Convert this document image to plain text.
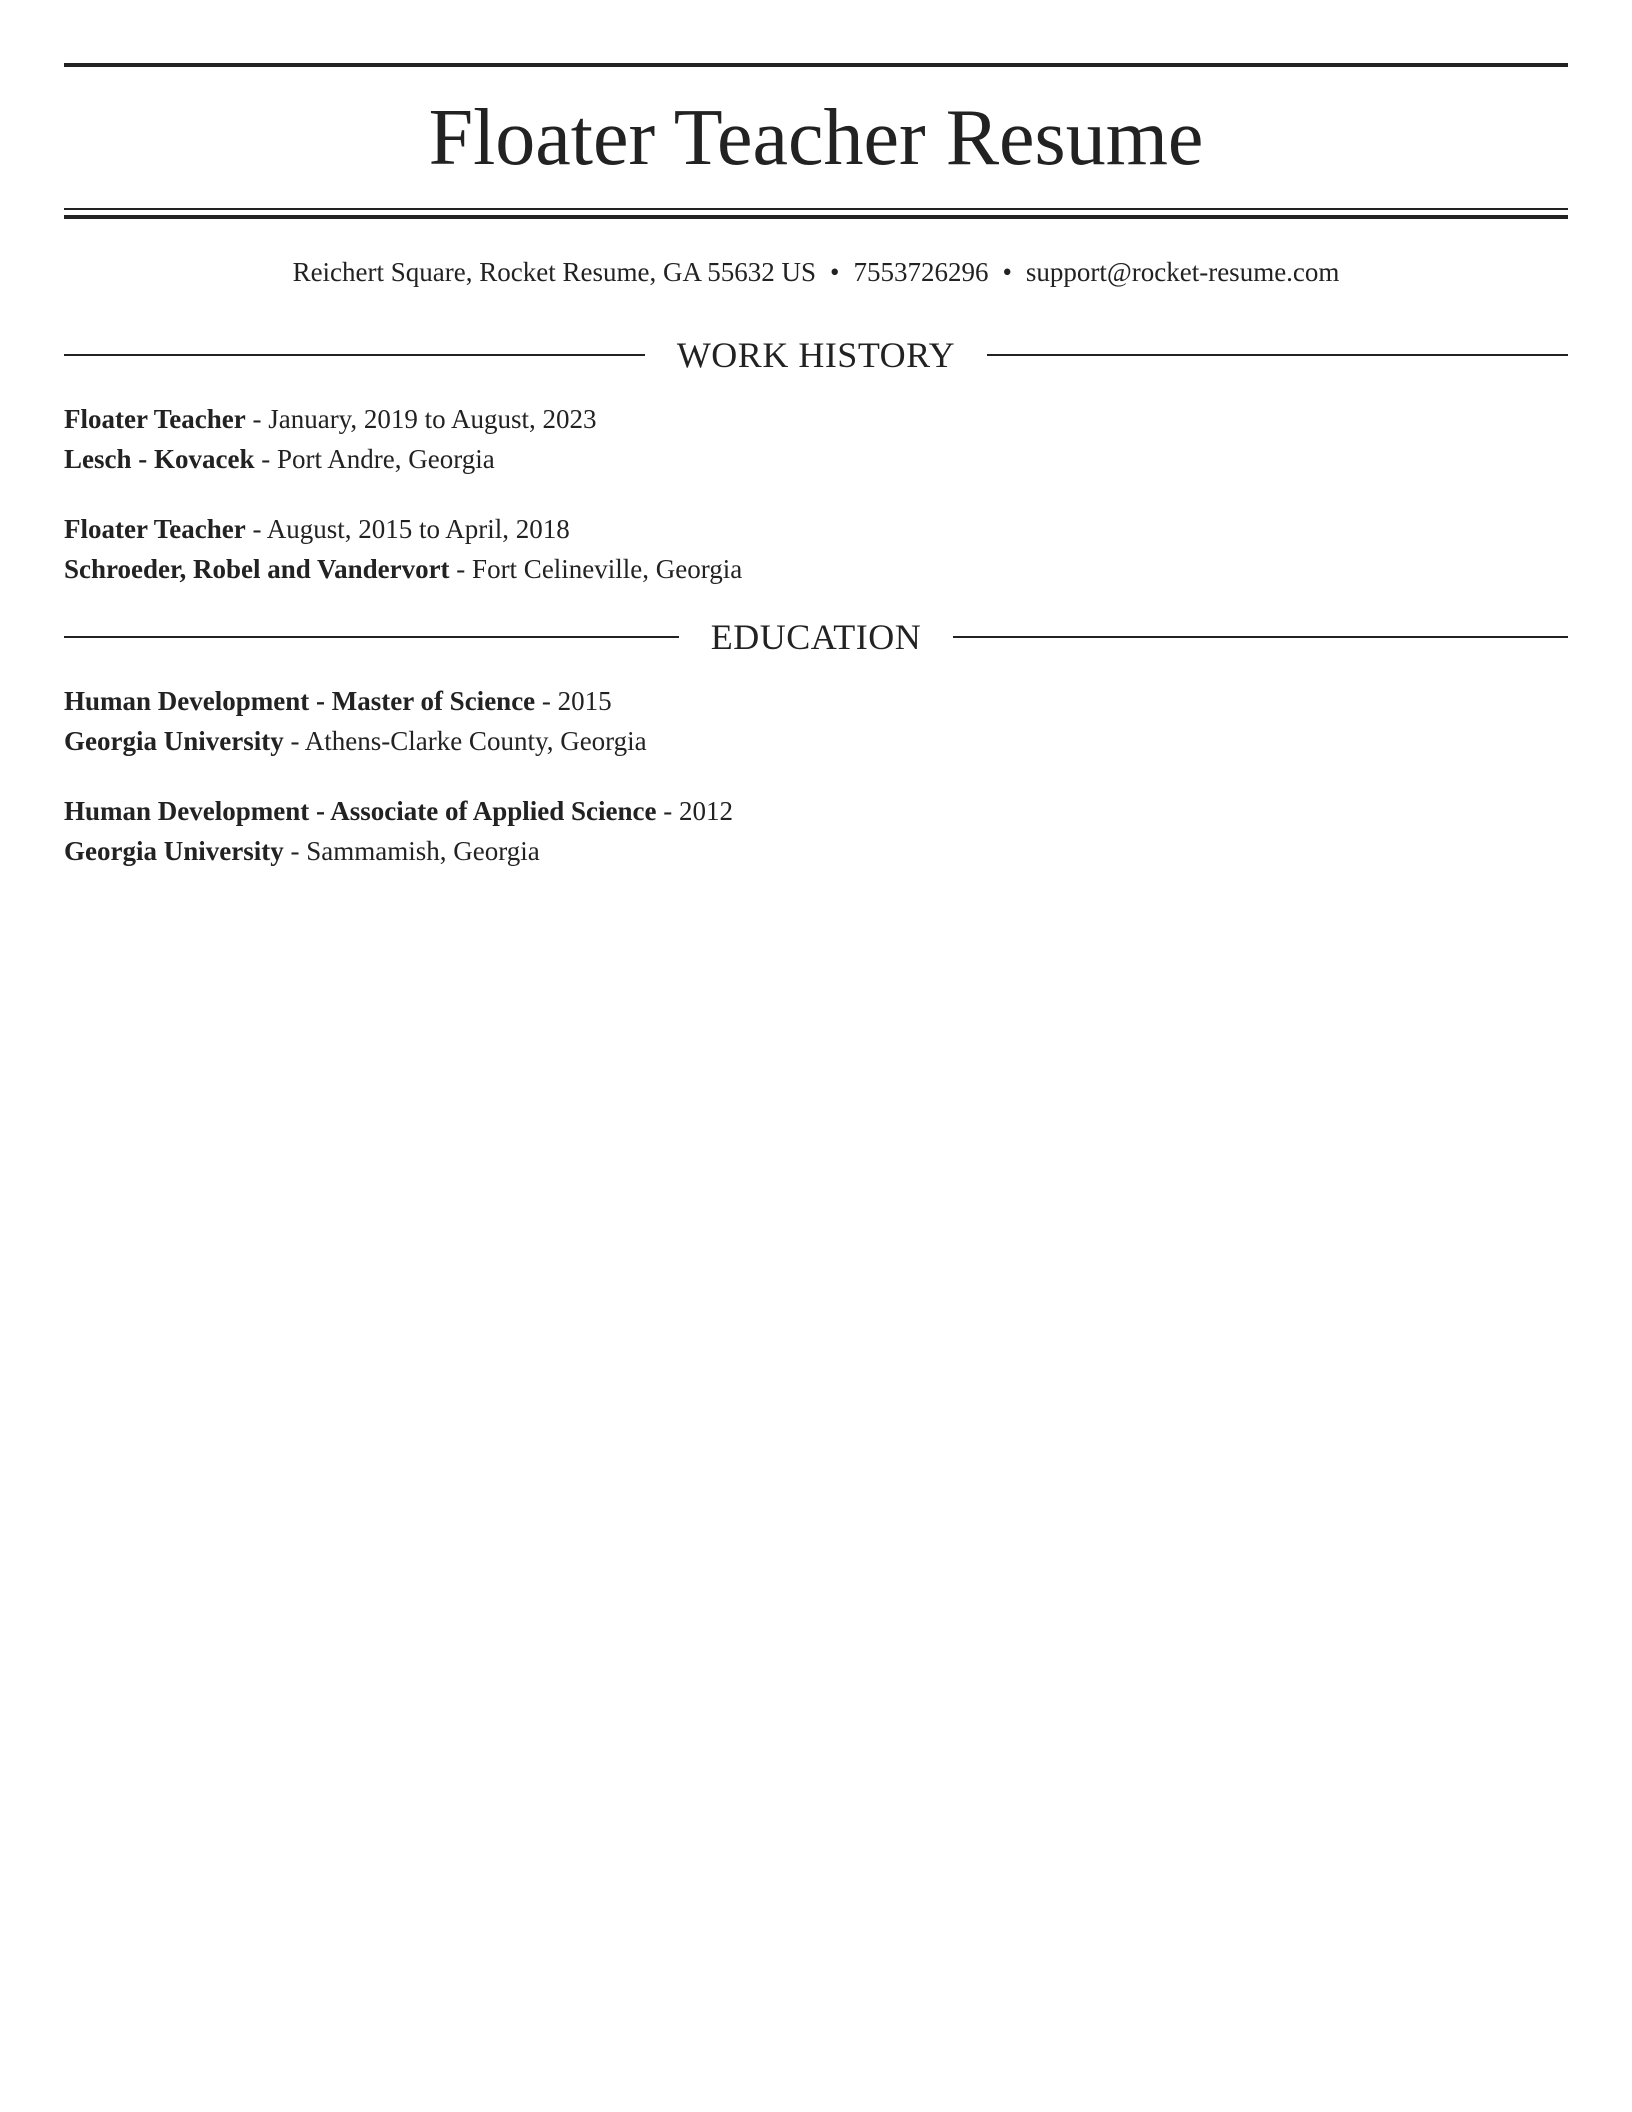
Floater Teacher Resume
Reichert Square, Rocket Resume, GA 55632 US • 7553726296 • support@rocket-resume.com
WORK HISTORY
Floater Teacher - January, 2019 to August, 2023
Lesch - Kovacek - Port Andre, Georgia
Floater Teacher - August, 2015 to April, 2018
Schroeder, Robel and Vandervort - Fort Celineville, Georgia
EDUCATION
Human Development - Master of Science - 2015
Georgia University - Athens-Clarke County, Georgia
Human Development - Associate of Applied Science - 2012
Georgia University - Sammamish, Georgia
